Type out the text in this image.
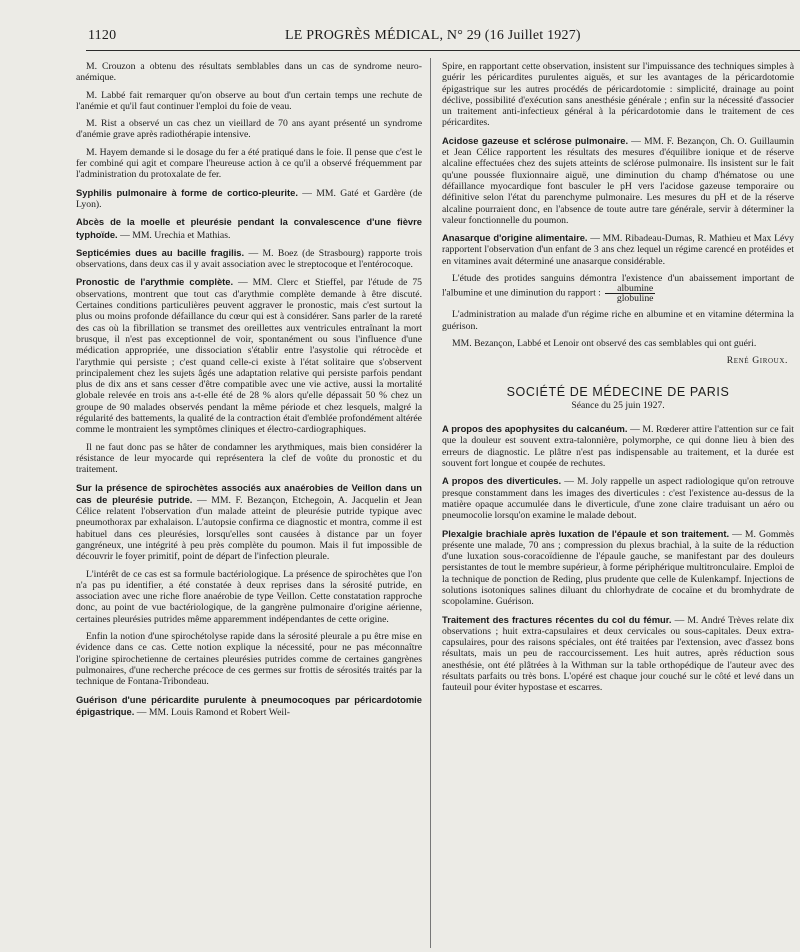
1120	LE PROGRÈS MÉDICAL, N° 29 (16 Juillet 1927)

M. Crouzon a obtenu des résultats semblables dans un cas de syndrome neuro-anémique.

M. Labbé fait remarquer qu'on observe au bout d'un certain temps une rechute de l'anémie et qu'il faut continuer l'emploi du foie de veau.

M. Rist a observé un cas chez un vieillard de 70 ans ayant présenté un syndrome d'anémie grave après radiothérapie intensive.

M. Hayem demande si le dosage du fer a été pratiqué dans le foie. Il pense que c'est le fer combiné qui agit et compare l'heureuse action à ce qu'il a observé fréquemment par l'administration du protoxalate de fer.

Syphilis pulmonaire à forme de cortico-pleurite. — MM. Gaté et Gardère (de Lyon).

Abcès de la moelle et pleurésie pendant la convalescence d'une fièvre typhoïde. — MM. Urechia et Mathias.

Septicémies dues au bacille fragilis. — M. Boez (de Strasbourg) rapporte trois observations, dans deux cas il y avait association avec le streptocoque et l'entérocoque.

Pronostic de l'arythmie complète. — MM. Clerc et Stieffel, par l'étude de 75 observations, montrent que tout cas d'arythmie complète demande à être discuté. Certaines conditions particulières peuvent aggraver le pronostic, mais c'est surtout la plus ou moins profonde défaillance du cœur qui est à considérer. Sans parler de la rareté des cas où la fibrillation se transmet des oreillettes aux ventricules entraînant la mort brusque, il n'est pas exceptionnel de voir, spontanément ou sous l'influence d'une médication appropriée, une dissociation s'établir entre l'asystolie qui rétrocède et l'arythmie qui persiste ; c'est quand celle-ci existe à l'état solitaire que s'observent principalement chez les sujets âgés une adaptation relative qui persiste parfois pendant plus de dix ans et sans cesser d'être compatible avec une vie active, aussi la mortalité globale relevée en trois ans a-t-elle été de 28 % alors qu'elle dépassait 50 % chez un groupe de 90 malades observés pendant la même période et chez lesquels, malgré la régularité des battements, la qualité de la contraction était d'emblée profondément altérée comme le montraient les symptômes cliniques et électro-cardiographiques.

Il ne faut donc pas se hâter de condamner les arythmiques, mais bien considérer la résistance de leur myocarde qui représentera la clef de voûte du pronostic et du traitement.

Sur la présence de spirochètes associés aux anaérobies de Veillon dans un cas de pleurésie putride. — MM. F. Bezançon, Etchegoin, A. Jacquelin et Jean Célice relatent l'observation d'un malade atteint de pleurésie putride typique avec pneumothorax par exhalaison. L'autopsie confirma ce diagnostic et montra, comme il est habituel dans ces pleurésies, lorsqu'elles sont causées à distance par un foyer gangréneux, une intégrité à peu près complète du poumon. Mais il fut impossible de découvrir le foyer primitif, point de départ de l'infection pleurale.

L'intérêt de ce cas est sa formule bactériologique. La présence de spirochètes que l'on n'a pas pu identifier, a été constatée à deux reprises dans la sérosité putride, en association avec une riche flore anaérobie de type Veillon. Cette constatation rapproche donc, au point de vue bactériologique, de la gangrène pulmonaire d'origine aérienne, certaines pleurésies putrides même apparemment indépendantes de cette origine.

Enfin la notion d'une spirochétolyse rapide dans la sérosité pleurale a pu être mise en évidence dans ce cas. Cette notion explique la nécessité, pour ne pas méconnaître l'origine spirochetienne de certaines pleurésies putrides comme de certaines gangrènes pulmonaires, d'une recherche précoce de ces germes sur frottis de sérosités traités par la technique de Fontana-Tribondeau.

Guérison d'une péricardite purulente à pneumocoques par péricardotomie épigastrique. — MM. Louis Ramond et Robert Weil-

Spire, en rapportant cette observation, insistent sur l'impuissance des techniques simples à guérir les péricardites purulentes aiguës, et sur les avantages de la péricardotomie épigastrique sur les autres procédés de péricardotomie : simplicité, drainage au point déclive, possibilité d'exécution sans anesthésie générale ; enfin sur la nécessité d'associer un traitement anti-infectieux général à la péricardotomie dans le traitement de ces péricardites.

Acidose gazeuse et sclérose pulmonaire. — MM. F. Bezançon, Ch. O. Guillaumin et Jean Célice rapportent les résultats des mesures d'équilibre ionique et de réserve alcaline effectuées chez des sujets atteints de sclérose pulmonaire. Ils insistent sur le fait qu'une poussée fluxionnaire aiguë, une diminution du champ d'hématose ou une défaillance myocardique font basculer le pH vers l'acidose gazeuse temporaire ou définitive selon l'état du parenchyme pulmonaire. Les mesures du pH et de la réserve alcaline pourraient donc, en l'absence de toute autre tare générale, servir à déterminer la valeur fonctionnelle du poumon.

Anasarque d'origine alimentaire. — MM. Ribadeau-Dumas, R. Mathieu et Max Lévy rapportent l'observation d'un enfant de 3 ans chez lequel un régime carencé en protéides et en vitamines avait déterminé une anasarque considérable.

L'étude des protides sanguins démontra l'existence d'un abaissement important de l'albumine et une diminution du rapport : $\frac{\text{albumine}}{\text{globuline}}$

L'administration au malade d'un régime riche en albumine et en vitamine détermina la guérison.

MM. Bezançon, Labbé et Lenoir ont observé des cas semblables qui ont guéri.

René Giroux.
SOCIÉTÉ DE MÉDECINE DE PARIS
Séance du 25 juin 1927.

A propos des apophysites du calcanéum. — M. Rœderer attire l'attention sur ce fait que la douleur est souvent extra-talonnière, polymorphe, ce qui donne lieu à bien des erreurs de diagnostic. Le plâtre n'est pas indispensable au traitement, et la durée est souvent fort longue et coupée de rechutes.

A propos des diverticules. — M. Joly rappelle un aspect radiologique qu'on retrouve presque constamment dans les images des diverticules : c'est l'existence au-dessus de la matière opaque accumulée dans le diverticule, d'une zone claire traduisant un aéro ou pneumocolie lorsqu'on examine le malade debout.

Plexalgie brachiale après luxation de l'épaule et son traitement. — M. Gommès présente une malade, 70 ans ; compression du plexus brachial, à la suite de la réduction d'une luxation sous-coracoïdienne de l'épaule gauche, se manifestant par des douleurs persistantes de tout le membre supérieur, à forme périphérique multitronculaire. Emploi de la technique de ponction de Reding, plus prudente que celle de Kulenkampf. Injections de solutions isotoniques salines diluant du chlorhydrate de cocaïne et du bromhydrate de scopolamine. Guérison.

Traitement des fractures récentes du col du fémur. — M. André Trèves relate dix observations ; huit extra-capsulaires et deux cervicales ou sous-capitales. Deux extra-capsulaires, pour des raisons spéciales, ont été traitées par l'extension, avec d'assez bons résultats, mais un peu de raccourcissement. Les huit autres, après réduction sous anesthésie, ont été plâtrées à la Withman sur la table orthopédique de l'auteur avec des résultats parfaits ou très bons. L'opéré est chaque jour couché sur le côté et levé dans un fauteuil pour éviter hypostase et escarres.
